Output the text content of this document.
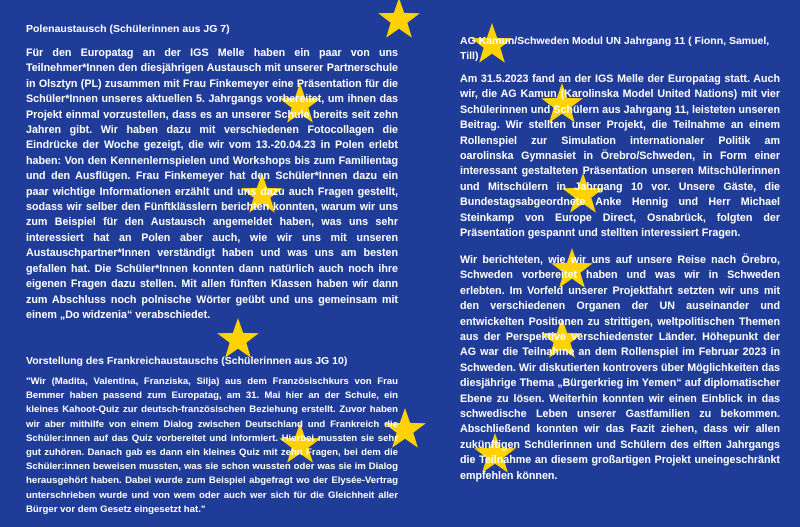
Polenaustausch (Schülerinnen aus JG 7)

Für den Europatag an der IGS Melle haben ein paar von uns Teilnehmer*Innen den diesjährigen Austausch mit unserer Partnerschule in Olsztyn (PL) zusammen mit Frau Finkemeyer eine Präsentation für die Schüler*Innen unseres aktuellen 5. Jahrgangs vorbereitet, um ihnen das Projekt einmal vorzustellen, dass es an unserer Schule bereits seit zehn Jahren gibt. Wir haben dazu mit verschiedenen Fotocollagen die Eindrücke der Woche gezeigt, die wir vom 13.-20.04.23 in Polen erlebt haben: Von den Kennenlernspielen und Workshops bis zum Familientag und den Ausflügen. Frau Finkemeyer hat den Schüler*Innen dazu ein paar wichtige Informationen erzählt und uns dazu auch Fragen gestellt, sodass wir selber den Fünftklässlern berichten konnten, warum wir uns zum Beispiel für den Austausch angemeldet haben, was uns sehr interessiert hat an Polen aber auch, wie wir uns mit unseren Austauschpartner*Innen verständigt haben und was uns am besten gefallen hat. Die Schüler*Innen konnten dann natürlich auch noch ihre eigenen Fragen dazu stellen. Mit allen fünften Klassen haben wir dann zum Abschluss noch polnische Wörter geübt und uns gemeinsam mit einem „Do widzenia“ verabschiedet.

Vorstellung des Frankreichaustauschs (Schülerinnen aus JG 10)

"Wir (Madita, Valentina, Franziska, Silja) aus dem Französischkurs von Frau Bemmer haben passend zum Europatag, am 31. Mai hier an der Schule, ein kleines Kahoot-Quiz zur deutsch-französischen Beziehung erstellt. Zuvor haben wir aber mithilfe von einem Dialog zwischen Deutschland und Frankreich die Schüler:innen auf das Quiz vorbereitet und informiert. Hierbei mussten sie sehr gut zuhören. Danach gab es dann ein kleines Quiz mit zehn Fragen, bei dem die Schüler:innen beweisen mussten, was sie schon wussten oder was sie im Dialog herausgehört haben. Dabei wurde zum Beispiel abgefragt wo der Elysée-Vertrag unterschrieben wurde und von wem oder auch wer sich für die Gleichheit aller Bürger vor dem Gesetz eingesetzt hat."

AG Kamun/Schweden Modul UN Jahrgang 11 ( Fionn, Samuel, Till)

Am 31.5.2023 fand an der IGS Melle der Europatag statt. Auch wir, die AG Kamun (Karolinska Model United Nations) mit vier Schülerinnen und Schülern aus Jahrgang 11, leisteten unseren Beitrag. Wir stellten unser Projekt, die Teilnahme an einem Rollenspiel zur Simulation internationaler Politik am oarolinska Gymnasiet in Örebro/Schweden, in Form einer interessant gestalteten Präsentation unseren Mitschülerinnen und Mitschülern in Jahrgang 10 vor. Unsere Gäste, die Bundestagsabgeordnete Anke Hennig und Herr Michael Steinkamp von Europe Direct, Osnabrück, folgten der Präsentation gespannt und stellten interessiert Fragen.

Wir berichteten, wie wir uns auf unsere Reise nach Örebro, Schweden vorbereitet haben und was wir in Schweden erlebten. Im Vorfeld unserer Projektfahrt setzten wir uns mit den verschiedenen Organen der UN auseinander und entwickelten Positionen zu strittigen, weltpolitischen Themen aus der Perspektive verschiedenster Länder. Höhepunkt der AG war die Teilnahme an dem Rollenspiel im Februar 2023 in Schweden. Wir diskutierten kontrovers über Möglichkeiten das diesjährige Thema „Bürgerkrieg im Yemen“ auf diplomatischer Ebene zu lösen. Weiterhin konnten wir einen Einblick in das schwedische Leben unserer Gastfamilien zu bekommen. Abschließend konnten wir das Fazit ziehen, dass wir allen zukünftigen Schülerinnen und Schülern des elften Jahrgangs die Teilnahme an diesem großartigen Projekt uneingeschränkt empfehlen können.
